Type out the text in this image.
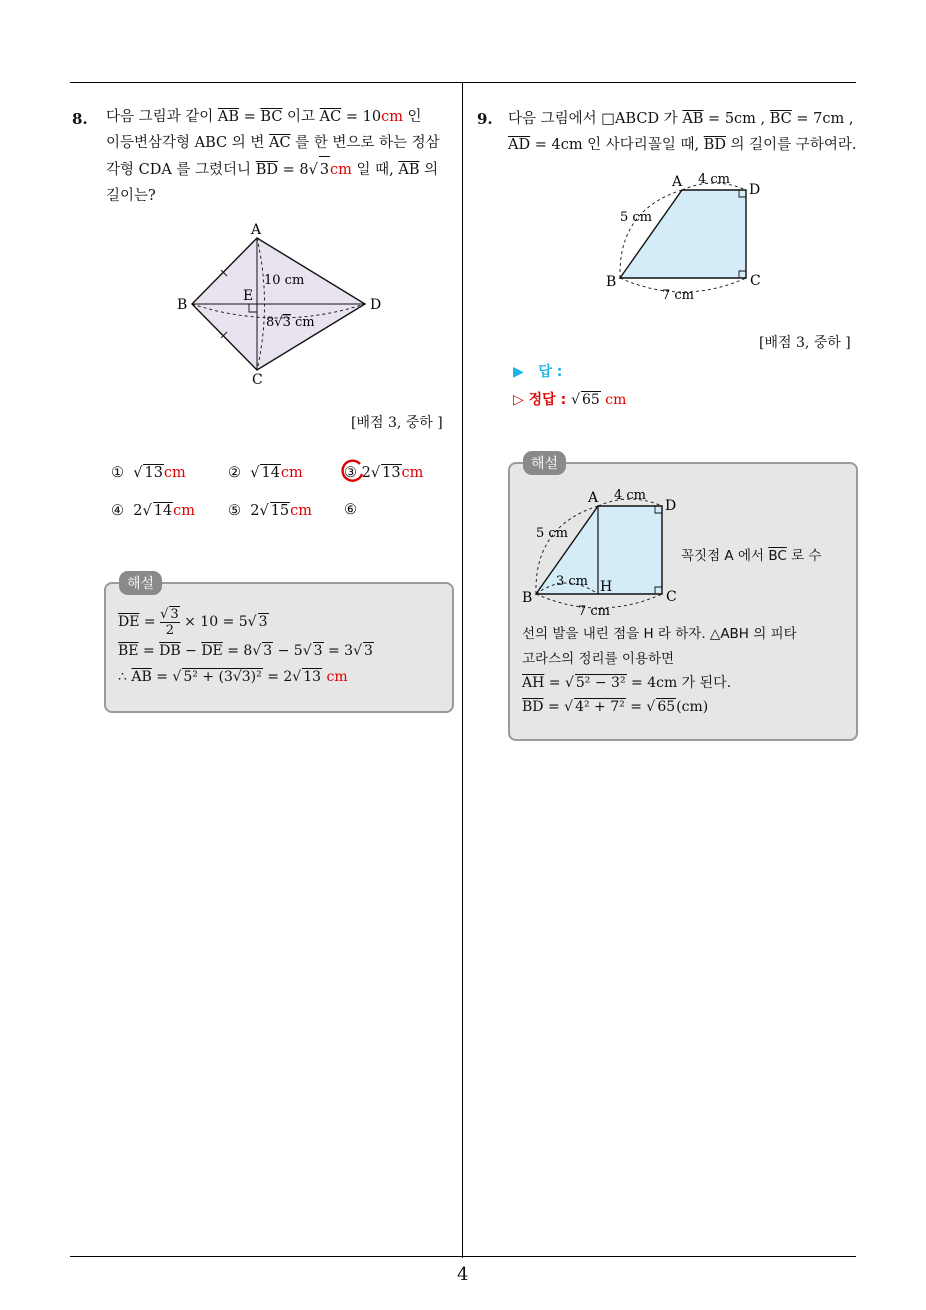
4
8. 다음 그림과 같이 $\overline{AB} = \overline{BC}$ 이고 $\overline{AC} = 10cm$ 인
이등변삼각형 ABC 의 변 $\overline{AC}$ 를 한 변으로 하는 정삼
각형 CDA 를 그렸더니 $\overline{BD} = 8√$ 3cm 일 때, $\overline{AB}$ 의
길이는?
A
B
C
D
E
10 cm
8√3 cm
[배점 3, 중하 ]
①  √ 13cm	②  √ 14cm	③ 2√ 13cm
④ 2√ 14cm ⑤ 2√ 15cm ⑥
해설
$\overline{DE} = \frac{√ 3}{2} \times 10 = 5√$ 3
$\overline{BE} = \overline{DB} - \overline{DE} = 8√$ 3 − 5√ 3 = 3√ 3
∴ $\overline{AB}$ = √ 5² + (3√3)² = 2√ 13 cm
9. 다음 그림에서 □ABCD 가 $\overline{AB} = 5cm$ , $\overline{BC} = 7cm$ ,
$\overline{AD} = 4cm$ 인 사다리꼴일 때, $\overline{BD}$ 의 길이를 구하여라.
A	D
B	C
4 cm
5 cm
7 cm
[배점 3, 중하 ]
▶ 답 :
▷ 정답 : √ 65 cm
해설
A	D
B	C
H
4 cm
5 cm
3 cm
7 cm
꼭짓점 A 에서 $\overline{BC}$ 로 수
선의 발을 내린 점을 H 라 하자. △ABH 의 피타
고라스의 정리를 이용하면
$\overline{AH}$ = √ 5² − 3² = 4cm 가 된다.
$\overline{BD}$ = √ 4² + 7² = √ 65(cm)
